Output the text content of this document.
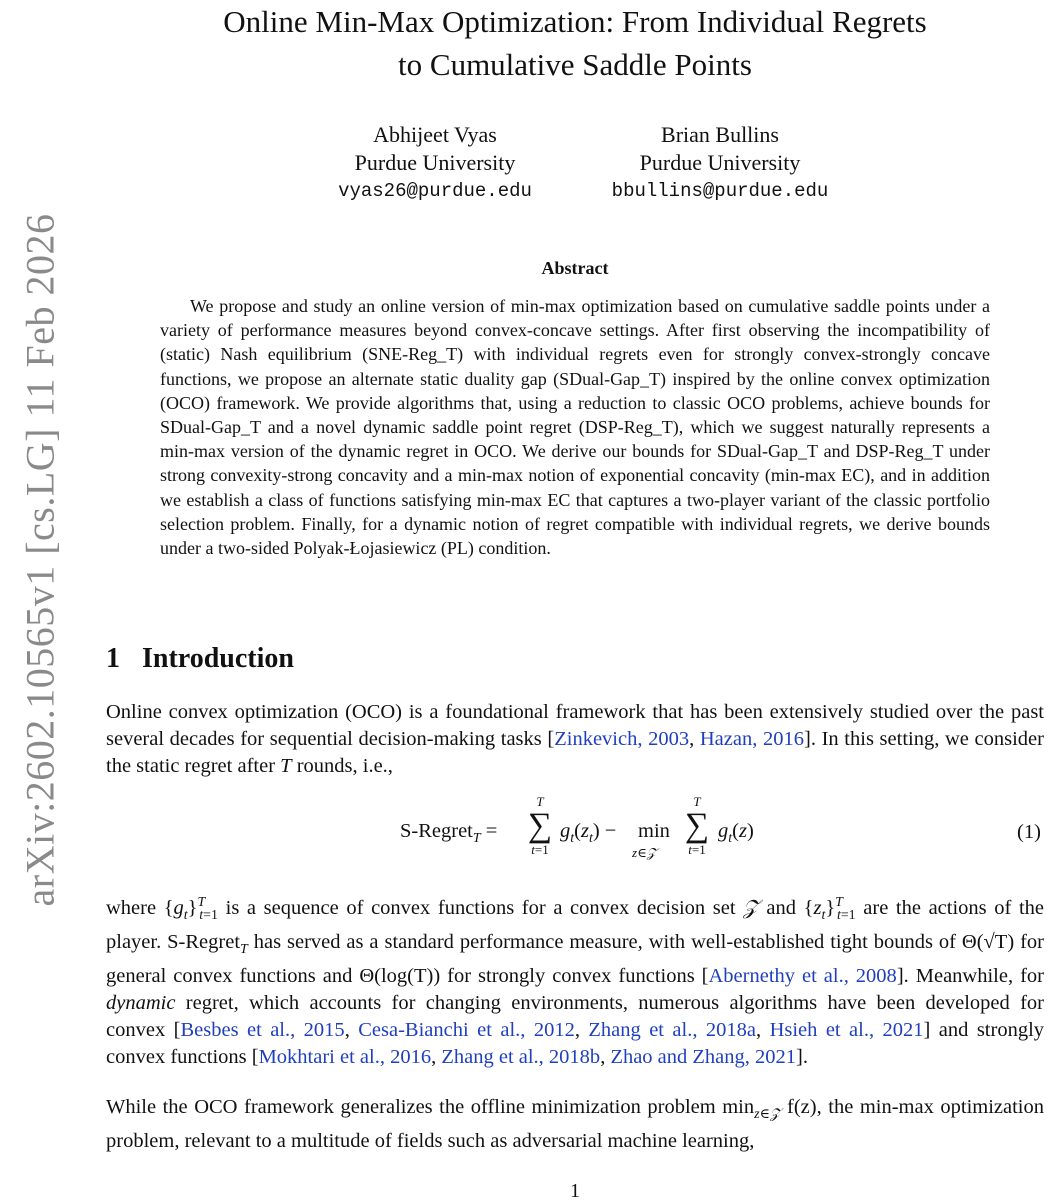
arXiv:2602.10565v1 [cs.LG] 11 Feb 2026
Online Min-Max Optimization: From Individual Regrets
to Cumulative Saddle Points
Abhijeet Vyas
Purdue University
vyas26@purdue.edu
Brian Bullins
Purdue University
bbullins@purdue.edu
Abstract

We propose and study an online version of min-max optimization based on cumulative saddle points under a variety of performance measures beyond convex-concave settings. After first observing the incompatibility of (static) Nash equilibrium (SNE-Reg_T) with individual regrets even for strongly convex-strongly concave functions, we propose an alternate static duality gap (SDual-Gap_T) inspired by the online convex optimization (OCO) framework. We provide algorithms that, using a reduction to classic OCO problems, achieve bounds for SDual-Gap_T and a novel dynamic saddle point regret (DSP-Reg_T), which we suggest naturally represents a min-max version of the dynamic regret in OCO. We derive our bounds for SDual-Gap_T and DSP-Reg_T under strong convexity-strong concavity and a min-max notion of exponential concavity (min-max EC), and in addition we establish a class of functions satisfying min-max EC that captures a two-player variant of the classic portfolio selection problem. Finally, for a dynamic notion of regret compatible with individual regrets, we derive bounds under a two-sided Polyak-Łojasiewicz (PL) condition.

1 Introduction

Online convex optimization (OCO) is a foundational framework that has been extensively studied over the past several decades for sequential decision-making tasks [Zinkevich, 2003, Hazan, 2016]. In this setting, we consider the static regret after T rounds, i.e.,

S-Regret$_T$ =
T
∑
t=1
$g_t(z_t) - \min$
z∈𝒵
T
∑
t=1
$g_t(z)$	(1)

where $\{g_t\}^T_{t=1}$ is a sequence of convex functions for a convex decision set 𝒵 and $\{z_t\}^T_{t=1}$ are the actions of the player. S-Regret$_T$ has served as a standard performance measure, with well-established tight bounds of Θ(√T) for general convex functions and Θ(log(T)) for strongly convex functions [Abernethy et al., 2008]. Meanwhile, for dynamic regret, which accounts for changing environments, numerous algorithms have been developed for convex [Besbes et al., 2015, Cesa-Bianchi et al., 2012, Zhang et al., 2018a, Hsieh et al., 2021] and strongly convex functions [Mokhtari et al., 2016, Zhang et al., 2018b, Zhao and Zhang, 2021].

While the OCO framework generalizes the offline minimization problem $\min_{z\in 𝒵} f(z)$, the min-max optimization problem, relevant to a multitude of fields such as adversarial machine learning,

1
